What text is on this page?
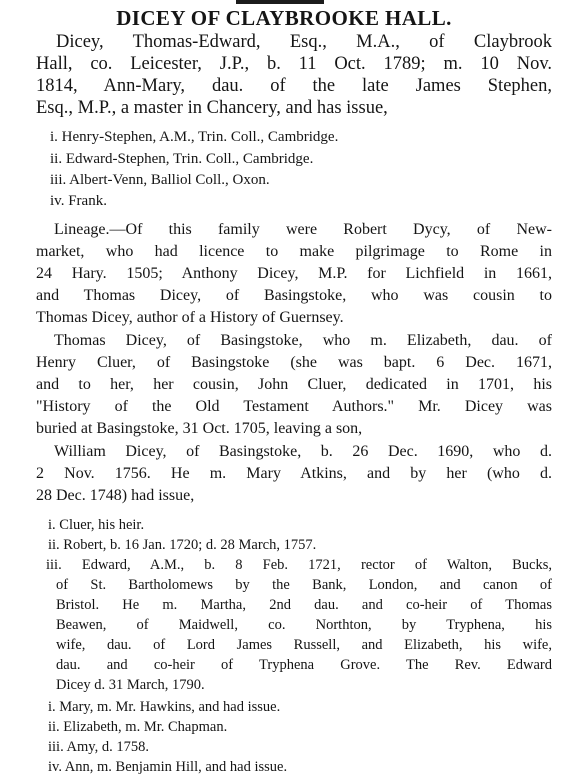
DICEY OF CLAYBROOKE HALL.
Dicey, Thomas-Edward, Esq., M.A., of Claybrook
Hall, co. Leicester, J.P., b. 11 Oct. 1789; m. 10 Nov.
1814, Ann-Mary, dau. of the late James Stephen,
Esq., M.P., a master in Chancery, and has issue,
i. Henry-Stephen, A.M., Trin. Coll., Cambridge.
ii. Edward-Stephen, Trin. Coll., Cambridge.
iii. Albert-Venn, Balliol Coll., Oxon.
iv. Frank.
Lineage.—Of this family were Robert Dycy, of New-
market, who had licence to make pilgrimage to Rome in
24 Hary. 1505; Anthony Dicey, M.P. for Lichfield in 1661,
and Thomas Dicey, of Basingstoke, who was cousin to
Thomas Dicey, author of a History of Guernsey.
Thomas Dicey, of Basingstoke, who m. Elizabeth, dau. of
Henry Cluer, of Basingstoke (she was bapt. 6 Dec. 1671,
and to her, her cousin, John Cluer, dedicated in 1701, his
"History of the Old Testament Authors." Mr. Dicey was
buried at Basingstoke, 31 Oct. 1705, leaving a son,
William Dicey, of Basingstoke, b. 26 Dec. 1690, who d.
2 Nov. 1756. He m. Mary Atkins, and by her (who d.
28 Dec. 1748) had issue,
i. Cluer, his heir.
ii. Robert, b. 16 Jan. 1720; d. 28 March, 1757.
iii. Edward, A.M., b. 8 Feb. 1721, rector of Walton, Bucks,
of St. Bartholomews by the Bank, London, and canon of
Bristol. He m. Martha, 2nd dau. and co-heir of Thomas
Beawen, of Maidwell, co. Northton, by Tryphena, his
wife, dau. of Lord James Russell, and Elizabeth, his wife,
dau. and co-heir of Tryphena Grove. The Rev. Edward
Dicey d. 31 March, 1790.
i. Mary, m. Mr. Hawkins, and had issue.
ii. Elizabeth, m. Mr. Chapman.
iii. Amy, d. 1758.
iv. Ann, m. Benjamin Hill, and had issue.
